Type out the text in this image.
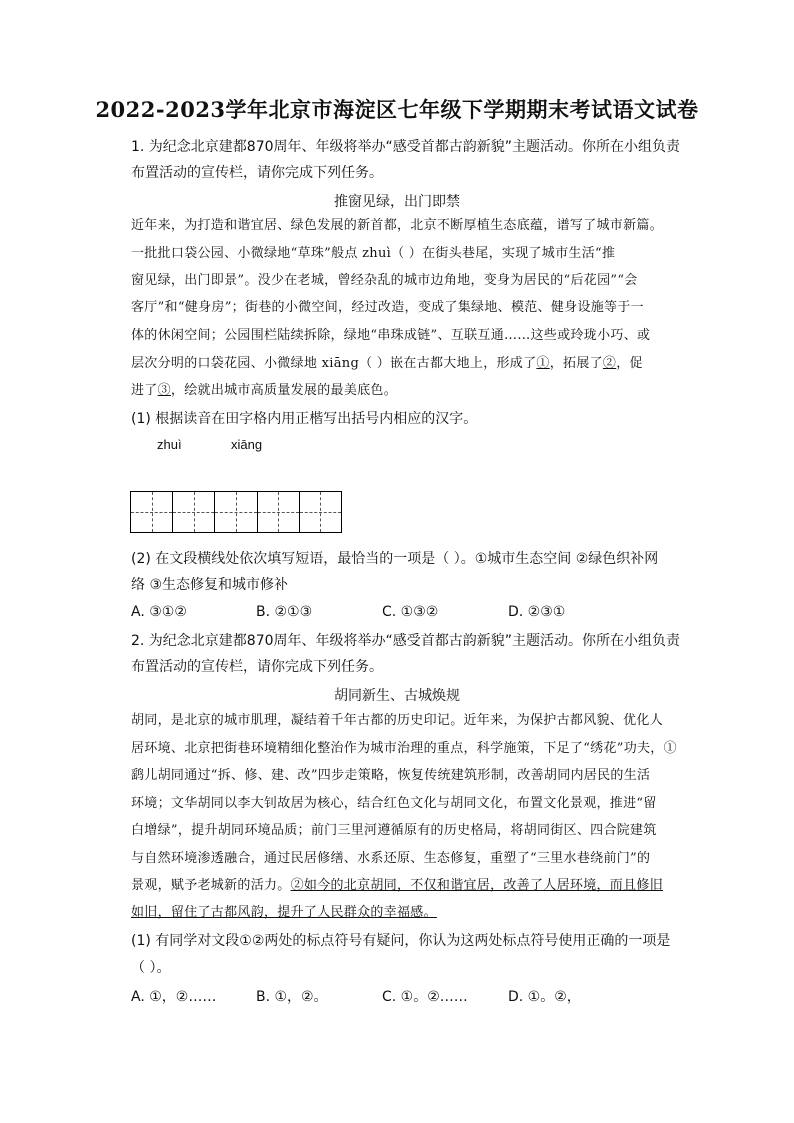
2022-2023学年北京市海淀区七年级下学期期末考试语文试卷
1. 为纪念北京建都870周年、年级将举办“感受首都古韵新貌”主题活动。你所在小组负责
布置活动的宣传栏，请你完成下列任务。
推窗见绿，出门即禁
近年来，为打造和谐宜居、绿色发展的新首都，北京不断厚植生态底蕴，谱写了城市新篇。
一批批口袋公园、小微绿地“草珠”般点 zhuì（ ）在街头巷尾，实现了城市生活“推
窗见绿，出门即景”。没少在老城，曾经杂乱的城市边角地，变身为居民的“后花园”“会
客厅”和“健身房”；街巷的小微空间，经过改造，变成了集绿地、模范、健身设施等于一
体的休闲空间；公园围栏陆续拆除，绿地“串珠成链”、互联互通……这些或玲珑小巧、或
层次分明的口袋花园、小微绿地 xiāng（ ）嵌在古都大地上，形成了①，拓展了②，促
进了③，绘就出城市高质量发展的最美底色。
(1) 根据读音在田字格内用正楷写出括号内相应的汉字。
zhuì	xiāng
(2) 在文段横线处依次填写短语，最恰当的一项是（ ）。①城市生态空间 ②绿色织补网
络 ③生态修复和城市修补
A. ③①②	B. ②①③	C. ①③②	D. ②③①
2. 为纪念北京建都870周年、年级将举办“感受首都古韵新貌”主题活动。你所在小组负责
布置活动的宣传栏，请你完成下列任务。
胡同新生、古城焕规
胡同，是北京的城市肌理，凝结着千年古都的历史印记。近年来，为保护古都风貌、优化人
居环境、北京把街巷环境精细化整治作为城市治理的重点，科学施策，下足了“绣花”功夫，①
鹞儿胡同通过“拆、修、建、改”四步走策略，恢复传统建筑形制，改善胡同内居民的生活
环境；文华胡同以李大钊故居为核心，结合红色文化与胡同文化，布置文化景观，推进“留
白增绿”，提升胡同环境品质；前门三里河遵循原有的历史格局，将胡同街区、四合院建筑
与自然环境渗透融合，通过民居修缮、水系还原、生态修复，重塑了“三里水巷绕前门”的
景观，赋予老城新的活力。②如今的北京胡同，不仅和谐宜居，改善了人居环境，而且修旧
如旧，留住了古都风韵，提升了人民群众的幸福感。
(1) 有同学对文段①②两处的标点符号有疑问，你认为这两处标点符号使用正确的一项是
（ ）。
A. ①，②……	B. ①，②。	C. ①。②……	D. ①。②，
